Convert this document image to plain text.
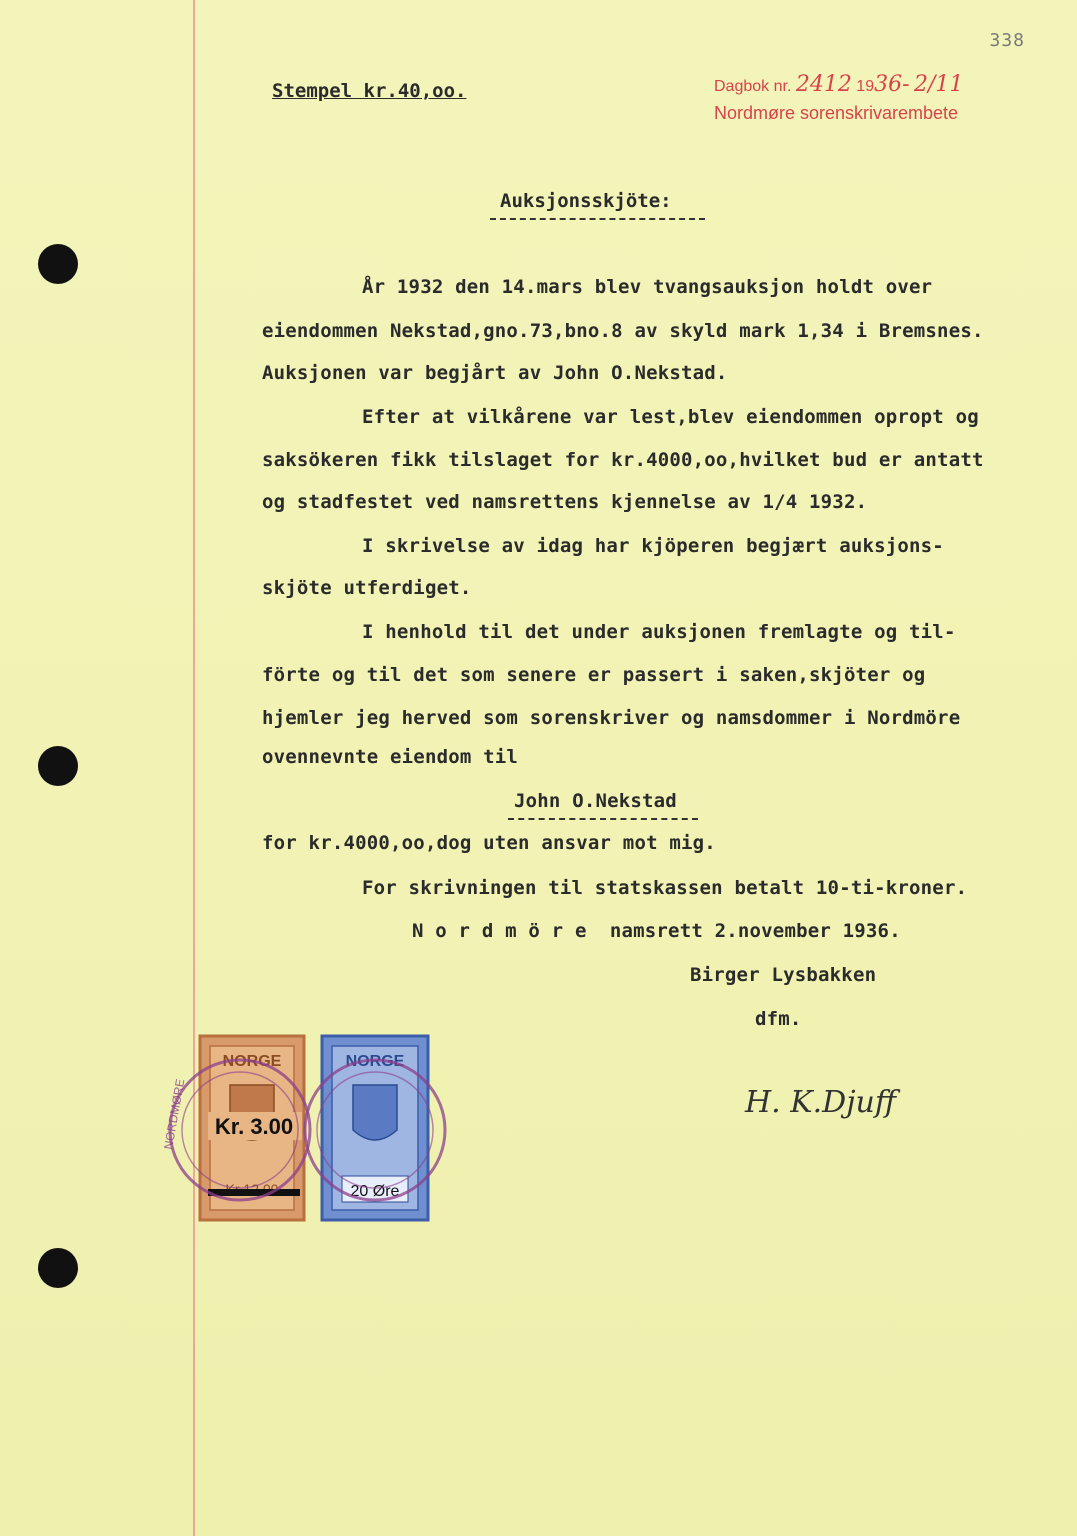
338
Stempel kr.40,oo.	Dagbok nr. 2412 1936- 2/11
Nordmøre sorenskrivarembete
Auksjonsskjöte:
År 1932 den 14.mars blev tvangsauksjon holdt over
eiendommen Nekstad,gno.73,bno.8 av skyld mark 1,34 i Bremsnes.
Auksjonen var begjårt av John O.Nekstad.
Efter at vilkårene var lest,blev eiendommen opropt og
saksökeren fikk tilslaget for kr.4000,oo,hvilket bud er antatt
og stadfestet ved namsrettens kjennelse av 1/4 1932.
I skrivelse av idag har kjöperen begjært auksjons-
skjöte utferdiget.
I henhold til det under auksjonen fremlagte og til-
förte og til det som senere er passert i saken,skjöter og
hjemler jeg herved som sorenskriver og namsdommer i Nordmöre
ovennevnte eiendom til
John O.Nekstad
for kr.4000,oo,dog uten ansvar mot mig.
For skrivningen til statskassen betalt 10-ti-kroner.
N o r d m ö r e  namsrett 2.november 1936.
Birger Lysbakken
dfm.
NORGE
Kr. 3.00
NORGE
20 Øre
NORDMØRE	H. K.Djuff
